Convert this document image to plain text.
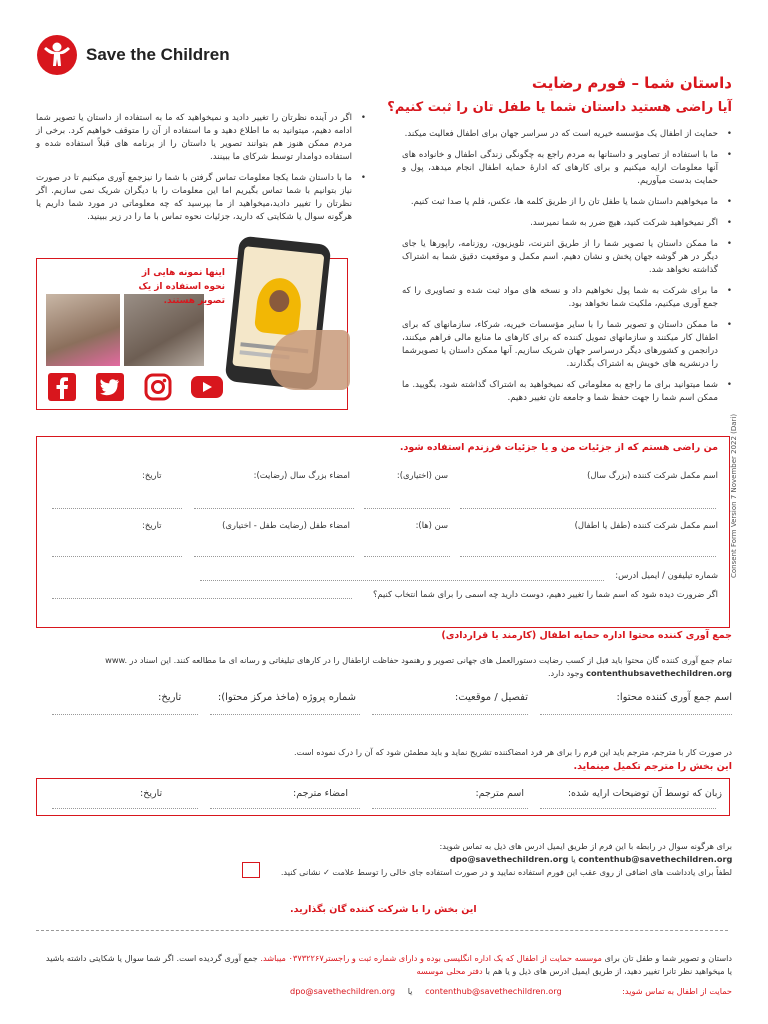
Save the Children
داستان شما – فورم رضایت
آیا راضی هستید داستان شما یا طفل تان را ثبت کنیم؟
• حمایت از اطفال یک مؤسسه خیریه است که در سراسر جهان برای اطفال فعالیت میکند.
• ما با استفاده از تصاویر و داستانها به مردم راجع به چگونگی زندگی اطفال و خانواده های آنها معلومات ارایه میکنیم و برای کارهای که ادارهٔ حمایه اطفال انجام میدهد، پول و حمایت بدست میآوریم.
• ما میخواهیم داستان شما یا طفل تان را از طریق کلمه ها، عکس، فلم یا صدا ثبت کنیم.
• اگر نمیخواهید شرکت کنید، هیچ ضرر به شما نمیرسد.
• ما ممکن داستان یا تصویر شما را از طریق انترنت، تلویزیون، روزنامه، راپورها یا جای دیگر در هر گوشه جهان پخش و نشان دهیم. اسم مکمل و موقعیت دقیق شما به اشتراک گذاشته نخواهد شد.
• ما برای شرکت به شما پول نخواهیم داد و نسخه های مواد ثبت شده و تصاویری را که جمع آوری میکنیم، ملکیت شما نخواهد بود.
• ما ممکن داستان و تصویر شما را با سایر مؤسسات خیریه، شرکاء، سازمانهای که برای اطفال کار میکنند و سازمانهای تمویل کننده که برای کارهای ما منابع مالی فراهم میکنند، درانجمن و کشورهای دیگر درسراسر جهان شریک سازیم. آنها ممکن داستان یا تصویرشما را درنشریه های خویش به اشتراک بگذارند.
• شما میتوانید برای ما راجع به معلوماتی که نمیخواهید به اشتراک گذاشته شود، بگویید. ما ممکن اسم شما را جهت حفظ شما و جامعه تان تغییر دهیم.
• اگر در آینده نظرتان را تغییر دادید و نمیخواهید که ما به استفاده از داستان یا تصویر شما ادامه دهیم، میتوانید به ما اطلاع دهید و ما استفاده از آن را متوقف خواهیم کرد. برخی از مردم ممکن هنوز هم بتوانند تصویر یا داستان را از برنامه های قبلاً استفاده شده و استفاده دوامدار توسط شرکای ما ببینند.
• ما با داستان شما یکجا معلومات تماس گرفتن با شما را نیزجمع آوری میکنیم تا در صورت نیاز بتوانیم با شما تماس بگیریم اما این معلومات را با دیگران شریک نمی سازیم. اگر نظرتان را تغییر دادید،میخواهید از ما بپرسید که چه معلوماتی در مورد شما داریم یا هرگونه سوال یا شکایتی که دارید، جزئیات نحوه تماس با ما را در زیر ببینید.
اینها نمونه هایی از نحوه استفاده از یک تصویر هستند.
Consent Form Version 7 November 2022 (Dari)
من راضی هستم که از جزئیات من و یا جزئیات فرزندم استفاده شود.
اسم مکمل شرکت کننده (بزرگ سال)
سن (اختیاری):
امضاء بزرگ سال (رضایت):
تاریخ:
اسم مکمل شرکت کننده (طفل یا اطفال)
سن (ها):
امضاء طفل (رضایت طفل - اختیاری)
تاریخ:
شماره تیلیفون / ایمیل ادرس:
اگر ضرورت دیده شود که اسم شما را تغییر دهیم، دوست دارید چه اسمی را برای شما انتخاب کنیم؟
جمع آوری کننده محتوا اداره حمایه اطفال (کارمند یا قراردادی)
تمام جمع آوری کننده گان محتوا باید قبل از کسب رضایت دستورالعمل های جهانی تصویر و رهنمود حفاظت ازاطفال را در کارهای تبلیغاتی و رسانه ای ما مطالعه کنند. این اسناد در www. contenthubsavethechildren.org وجود دارد.
اسم جمع آوری کننده محتوا:
تفصیل / موقعیت:
شماره پروژه (ماخذ مرکز محتوا):
تاریخ:
در صورت کار با مترجم، مترجم باید این فرم را برای هر فرد امضاکننده تشریح نماید و باید مطمئن شود که آن را درک نموده است.
این بخش را مترجم تکمیل مینماید.
زبان که توسط آن توضیحات ارایه شده:
اسم مترجم:
امضاء مترجم:
تاریخ:
برای هرگونه سوال در رابطه با این فرم از طریق ایمیل ادرس های ذیل به تماس شوید:
dpo@savethechildren.org یا contenthub@savethechildren.org
لطفاً برای یادداشت های اضافی از روی عقب این فورم استفاده نمایید و در صورت استفاده جای خالی را توسط علامت ✓ نشانی کنید.
این بخش را با شرکت کننده گان بگذارید.
داستان و تصویر شما و طفل تان برای موسسه حمایت از اطفال که یک اداره انگلیسی بوده و دارای شماره ثبت و راجستر۰۳۷۳۲۲۶۷ میباشد. جمع آوری گردیده است. اگر شما سوال یا شکایتی داشته باشید یا میخواهید نظر تانرا تغییر دهید، از طریق ایمیل ادرس های ذیل و یا هم با دفتر محلی موسسه
حمایت از اطفال به تماس شوید:
dpo@savethechildren.org یا contenthub@savethechildren.org
